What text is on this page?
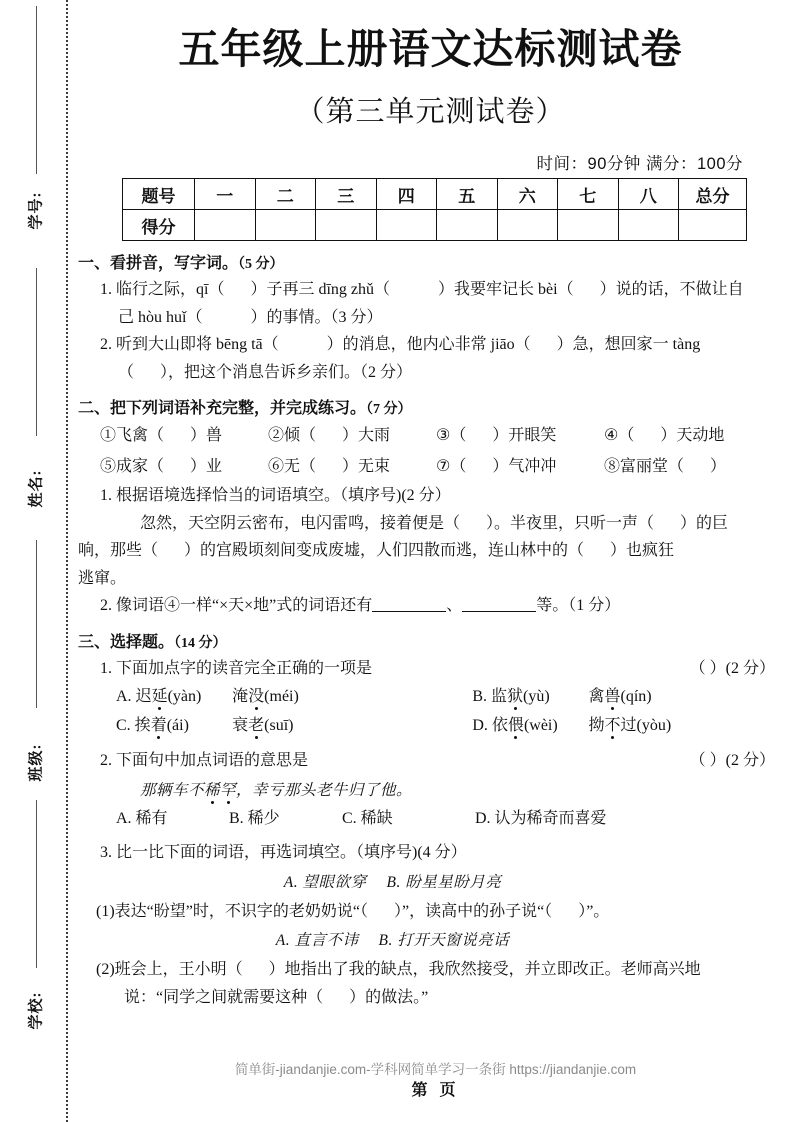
学号:
姓名:
班级:
学校:
五年级上册语文达标测试卷
（第三单元测试卷）
时间：90分钟 满分：100分
题号	一	二	三	四	五	六	七	八	总分
得分									
一、看拼音，写字词。（5 分）
1. 临行之际，qī（ ）子再三 dīng zhǔ（	）我要牢记长 bèi（ ）说的话，不做让自
己 hòu huǐ（	）的事情。（3 分）
2. 听到大山即将 bēng tā（	）的消息，他内心非常 jiāo（ ）急，想回家一 tàng
（ ），把这个消息告诉乡亲们。（2 分）
二、把下列词语补充完整，并完成练习。（7 分）
①飞禽（ ）兽	②倾（ ）大雨	③（ ）开眼笑	④（ ）天动地
⑤成家（ ）业	⑥无（ ）无束	⑦（ ）气冲冲	⑧富丽堂（ ）
1. 根据语境选择恰当的词语填空。（填序号)(2 分）
忽然，天空阴云密布，电闪雷鸣，接着便是（ ）。半夜里，只听一声（ ）的巨
响，那些（ ）的宫殿顷刻间变成废墟，人们四散而逃，连山林中的（ ）也疯狂
逃窜。
2. 像词语④一样“×天×地”式的词语还有	、	等。（1 分）
三、选择题。（14 分）
1. 下面加点字的读音完全正确的一项是	（ ）(2 分）
A. 迟延(yàn)	淹没(méi)	B. 监狱(yù)	禽兽(qín)
C. 挨着(ái)	衰老(suī)	D. 依偎(wèi)	拗不过(yòu)
2. 下面句中加点词语的意思是	（ ）(2 分）
那辆车不稀罕，幸亏那头老牛归了他。
A. 稀有	B. 稀少	C. 稀缺	D. 认为稀奇而喜爱
3. 比一比下面的词语，再选词填空。（填序号)(4 分）
A. 望眼欲穿 B. 盼星星盼月亮
(1)表达“盼望”时，不识字的老奶奶说“（ ）”，读高中的孙子说“（ ）”。
A. 直言不讳 B. 打开天窗说亮话
(2)班会上，王小明（ ）地指出了我的缺点，我欣然接受，并立即改正。老师高兴地
说：“同学之间就需要这种（ ）的做法。”
简单街-jiandanjie.com-学科网简单学习一条街 https://jiandanjie.com
第 页
